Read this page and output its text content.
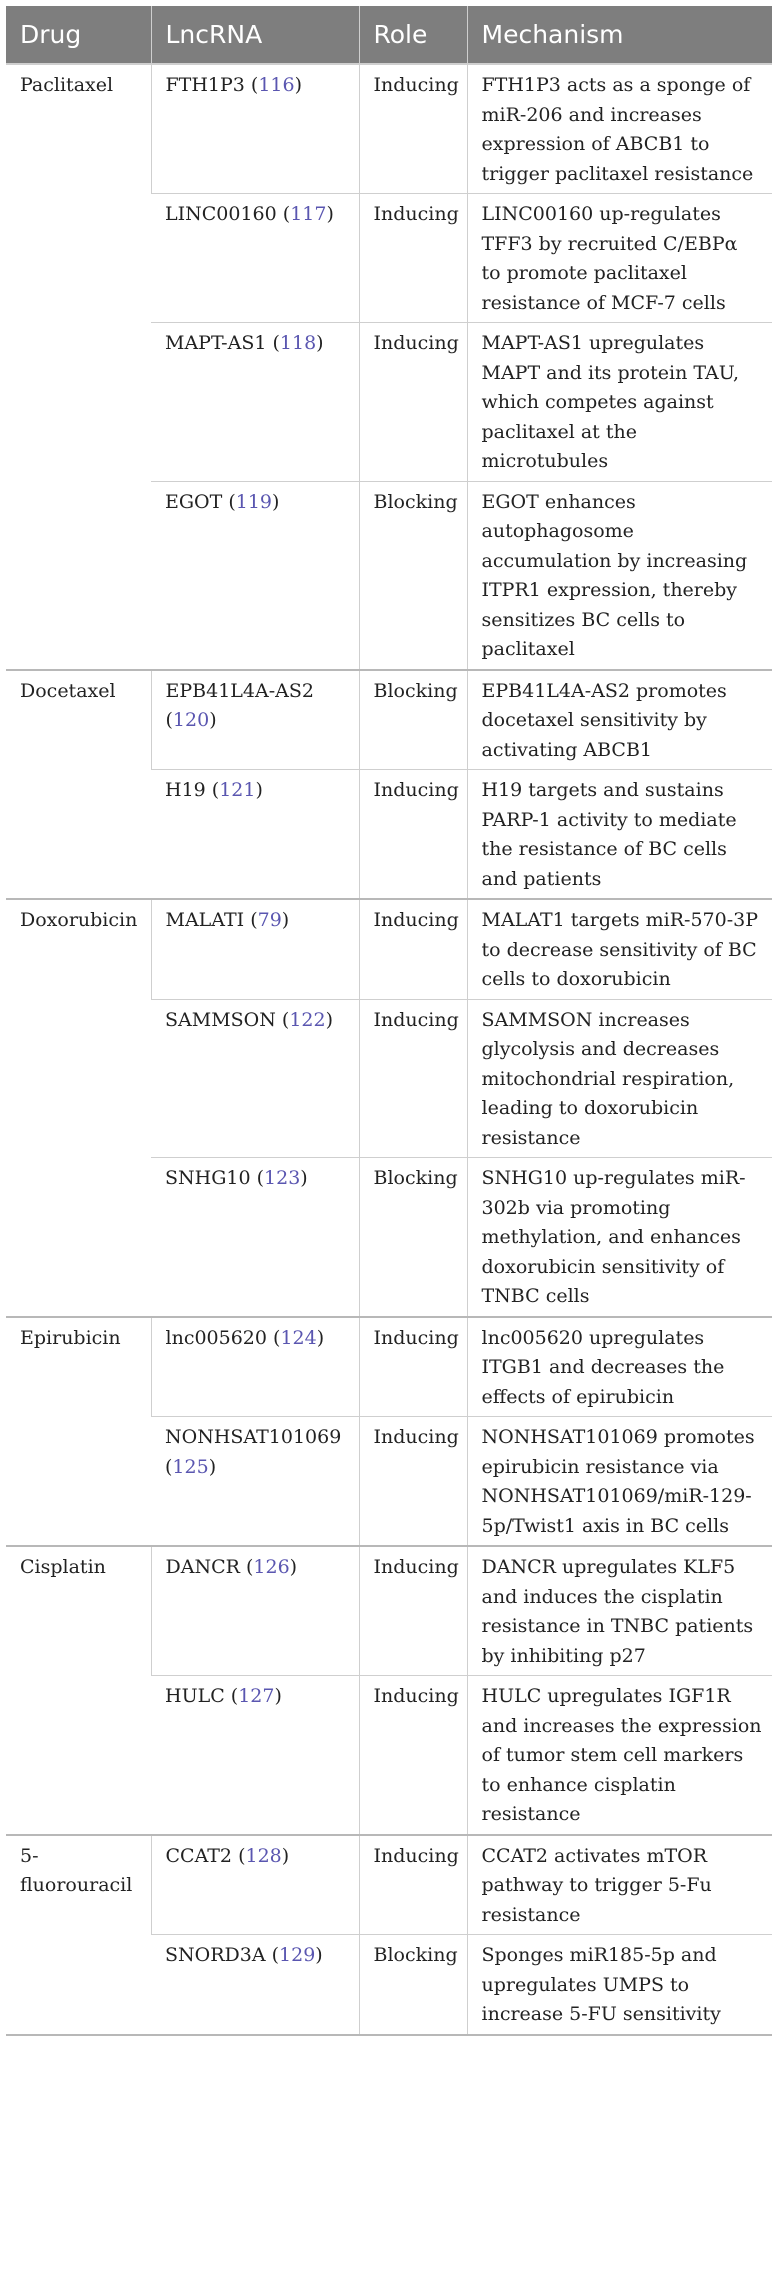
Drug	LncRNA	Role	Mechanism
Paclitaxel	FTH1P3 (116)	Inducing	FTH1P3 acts as a sponge of miR-206 and increases expression of ABCB1 to trigger paclitaxel resistance
	LINC00160 (117)	Inducing	LINC00160 up-regulates TFF3 by recruited C/EBPα to promote paclitaxel resistance of MCF-7 cells
	MAPT-AS1 (118)	Inducing	MAPT-AS1 upregulates MAPT and its protein TAU, which competes against paclitaxel at the microtubules
	EGOT (119)	Blocking	EGOT enhances autophagosome accumulation by increasing ITPR1 expression, thereby sensitizes BC cells to paclitaxel
Docetaxel	EPB41L4A-AS2 (120)	Blocking	EPB41L4A-AS2 promotes docetaxel sensitivity by activating ABCB1
	H19 (121)	Inducing	H19 targets and sustains PARP-1 activity to mediate the resistance of BC cells and patients
Doxorubicin	MALATI (79)	Inducing	MALAT1 targets miR-570-3P to decrease sensitivity of BC cells to doxorubicin
	SAMMSON (122)	Inducing	SAMMSON increases glycolysis and decreases mitochondrial respiration, leading to doxorubicin resistance
	SNHG10 (123)	Blocking	SNHG10 up-regulates miR-302b via promoting methylation, and enhances doxorubicin sensitivity of TNBC cells
Epirubicin	lnc005620 (124)	Inducing	lnc005620 upregulates ITGB1 and decreases the effects of epirubicin
	NONHSAT101069 (125)	Inducing	NONHSAT101069 promotes epirubicin resistance via NONHSAT101069/miR-129-5p/Twist1 axis in BC cells
Cisplatin	DANCR (126)	Inducing	DANCR upregulates KLF5 and induces the cisplatin resistance in TNBC patients by inhibiting p27
	HULC (127)	Inducing	HULC upregulates IGF1R and increases the expression of tumor stem cell markers to enhance cisplatin resistance
5-fluorouracil	CCAT2 (128)	Inducing	CCAT2 activates mTOR pathway to trigger 5-Fu resistance
	SNORD3A (129)	Blocking	Sponges miR185-5p and upregulates UMPS to increase 5-FU sensitivity
